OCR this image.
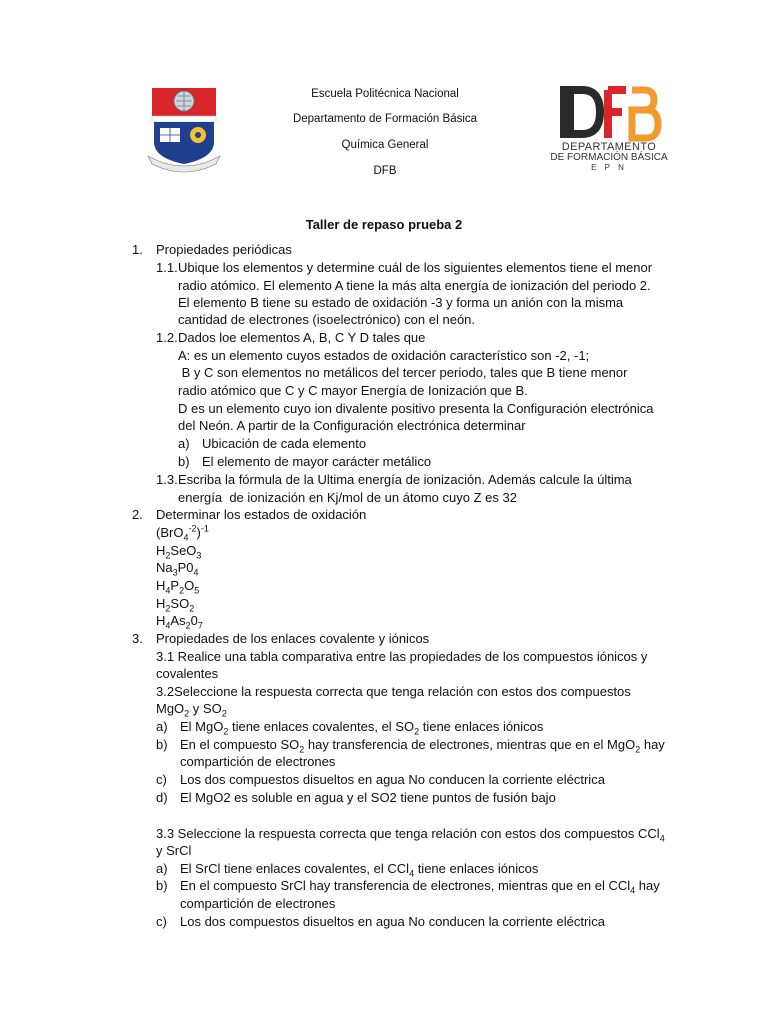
Escuela Politécnica Nacional
Departamento de Formación Básica
Química General
DFB
DEPARTAMENTO
DE FORMACIÓN BÁSICA
E P N
Taller de repaso prueba 2
1. Propiedades periódicas
1.1. Ubique los elementos y determine cuál de los siguientes elementos tiene el menor
radio atómico. El elemento A tiene la más alta energía de ionización del periodo 2.
El elemento B tiene su estado de oxidación -3 y forma un anión con la misma
cantidad de electrones (isoelectrónico) con el neón.
1.2. Dados loe elementos A, B, C Y D tales que
A: es un elemento cuyos estados de oxidación característico son -2, -1;
B y C son elementos no metálicos del tercer periodo, tales que B tiene menor
radio atómico que C y C mayor Energía de Ionización que B.
D es un elemento cuyo ion divalente positivo presenta la Configuración electrónica
del Neón. A partir de la Configuración electrónica determinar
a) Ubicación de cada elemento
b) El elemento de mayor carácter metálico
1.3. Escriba la fórmula de la Ultima energía de ionización. Además calcule la última
energía  de ionización en Kj/mol de un átomo cuyo Z es 32
2. Determinar los estados de oxidación
$(BrO_4^{-2})^{-1}$
$H_2SeO_3$
$Na_3P0_4$
$H_4P_2O_5$
$H_2SO_2$
$H_4As_20_7$
3. Propiedades de los enlaces covalente y iónicos
3.1 Realice una tabla comparativa entre las propiedades de los compuestos iónicos y
covalentes
3.2Seleccione la respuesta correcta que tenga relación con estos dos compuestos
MgO$_2$ y $SO_2$
a) El MgO$_2$ tiene enlaces covalentes, el $SO_2$ tiene enlaces iónicos
b) En el compuesto $SO_2$ hay transferencia de electrones, mientras que en el MgO$_2$ hay
compartición de electrones
c) Los dos compuestos disueltos en agua No conducen la corriente eléctrica
d) El MgO2 es soluble en agua y el SO2 tiene puntos de fusión bajo
3.3 Seleccione la respuesta correcta que tenga relación con estos dos compuestos CCl$_4$
y SrCl
a) El SrCl tiene enlaces covalentes, el CCl$_4$ tiene enlaces iónicos
b) En el compuesto SrCl hay transferencia de electrones, mientras que en el CCl$_4$ hay
compartición de electrones
c) Los dos compuestos disueltos en agua No conducen la corriente eléctrica
